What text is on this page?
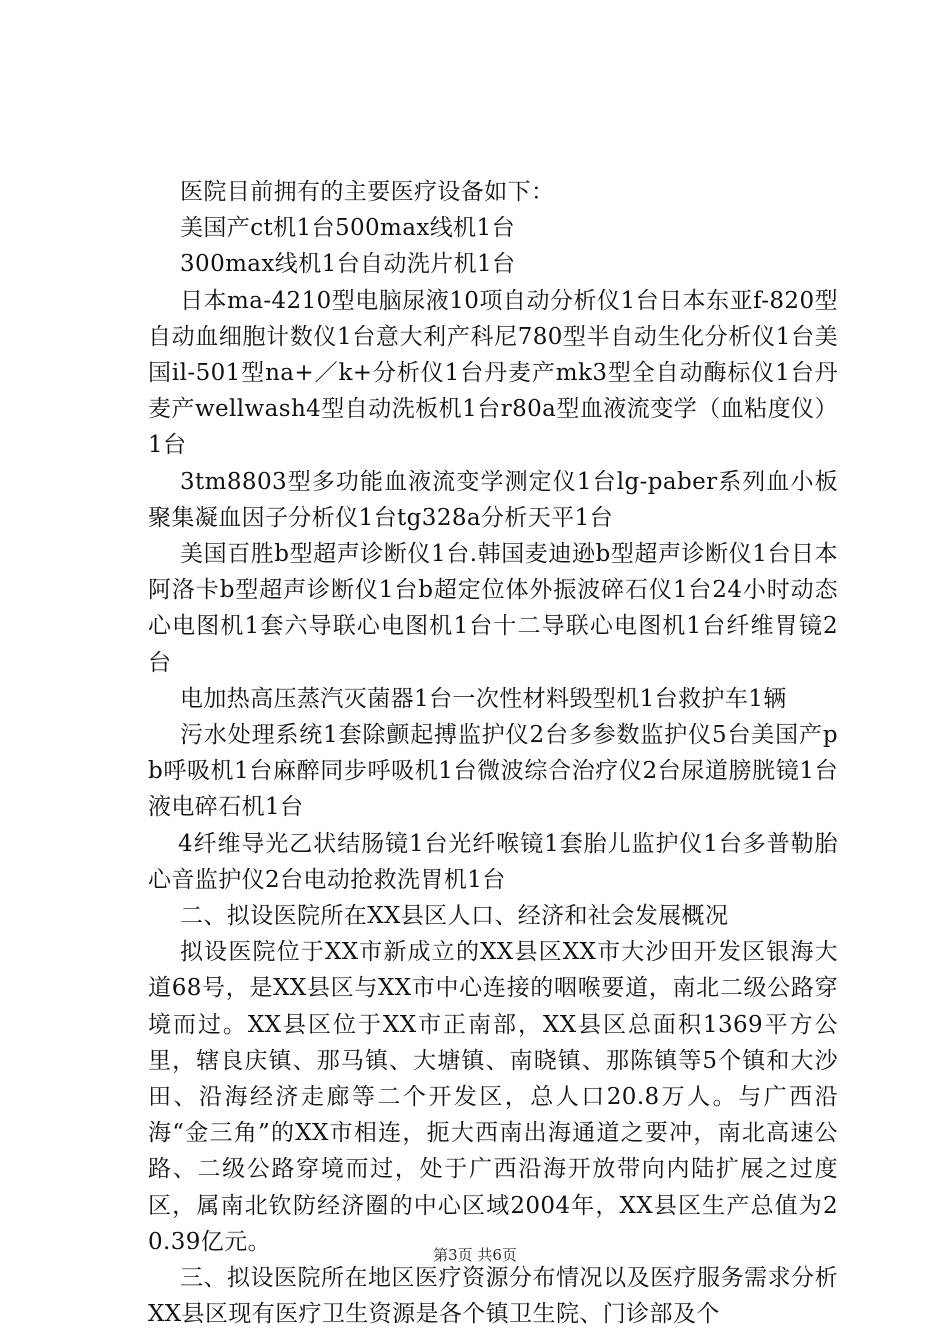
医院目前拥有的主要医疗设备如下：

美国产ct机1台500max线机1台

300max线机1台自动洗片机1台

日本ma-4210型电脑尿液10项自动分析仪1台日本东亚f-820型自动血细胞计数仪1台意大利产科尼780型半自动生化分析仪1台美国il-501型na+／k+分析仪1台丹麦产mk3型全自动酶标仪1台丹麦产wellwash4型自动洗板机1台r80a型血液流变学（血粘度仪）1台

3tm8803型多功能血液流变学测定仪1台lg-paber系列血小板聚集凝血因子分析仪1台tg328a分析天平1台

美国百胜b型超声诊断仪1台.韩国麦迪逊b型超声诊断仪1台日本阿洛卡b型超声诊断仪1台b超定位体外振波碎石仪1台24小时动态心电图机1套六导联心电图机1台十二导联心电图机1台纤维胃镜2台

电加热高压蒸汽灭菌器1台一次性材料毁型机1台救护车1辆

污水处理系统1套除颤起搏监护仪2台多参数监护仪5台美国产pb呼吸机1台麻醉同步呼吸机1台微波综合治疗仪2台尿道膀胱镜1台液电碎石机1台

4纤维导光乙状结肠镜1台光纤喉镜1套胎儿监护仪1台多普勒胎心音监护仪2台电动抢救洗胃机1台

二、拟设医院所在XX县区人口、经济和社会发展概况

拟设医院位于XX市新成立的XX县区XX市大沙田开发区银海大道68号，是XX县区与XX市中心连接的咽喉要道，南北二级公路穿境而过。XX县区位于XX市正南部，XX县区总面积1369平方公里，辖良庆镇、那马镇、大塘镇、南晓镇、那陈镇等5个镇和大沙田、沿海经济走廊等二个开发区，总人口20.8万人。与广西沿海“金三角”的XX市相连，扼大西南出海通道之要冲，南北高速公路、二级公路穿境而过，处于广西沿海开放带向内陆扩展之过度区，属南北钦防经济圈的中心区域2004年，XX县区生产总值为20.39亿元。

三、拟设医院所在地区医疗资源分布情况以及医疗服务需求分析XX县区现有医疗卫生资源是各个镇卫生院、门诊部及个

第3页 共6页
